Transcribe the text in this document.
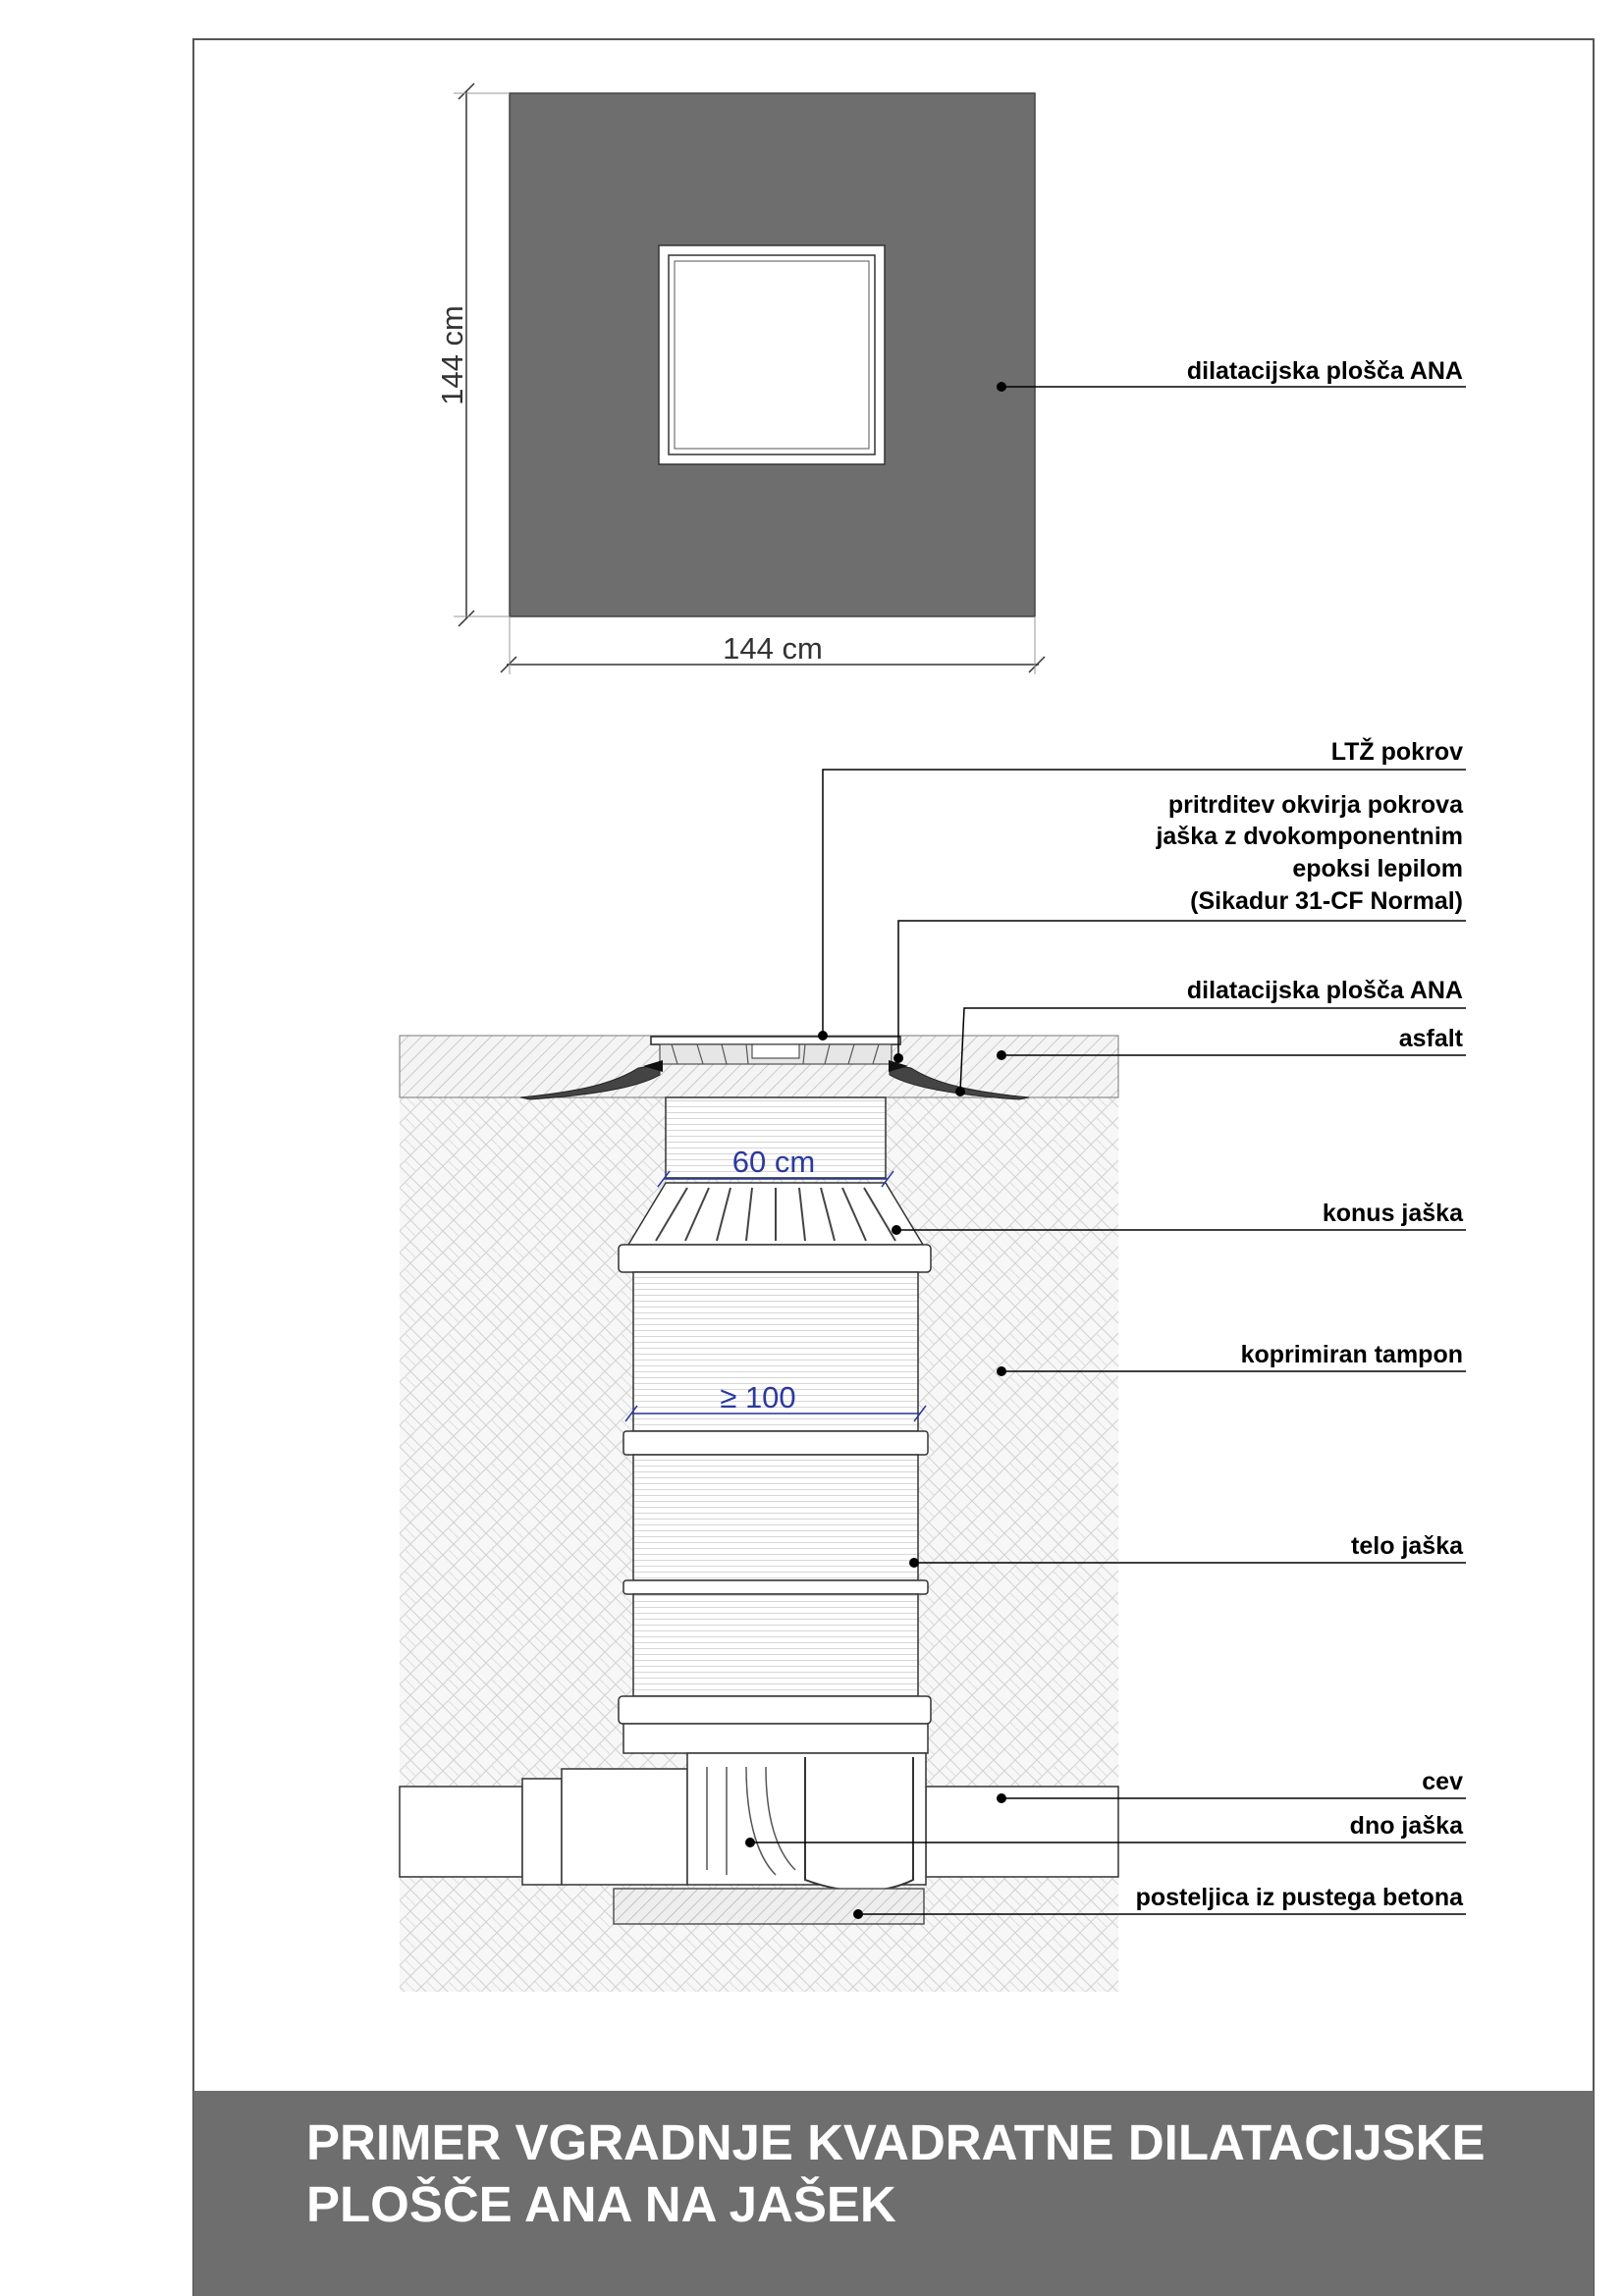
144 cm
144 cm
dilatacijska plošča ANA
60 cm
≥ 100
LTŽ pokrov
pritrditev okvirja pokrova
jaška z dvokomponentnim
epoksi lepilom
(Sikadur 31-CF Normal)
dilatacijska plošča ANA
asfalt
konus jaška
koprimiran tampon
telo jaška
cev
dno jaška
posteljica iz pustega betona
PRIMER VGRADNJE KVADRATNE DILATACIJSKE
PLOŠČE ANA NA JAŠEK
